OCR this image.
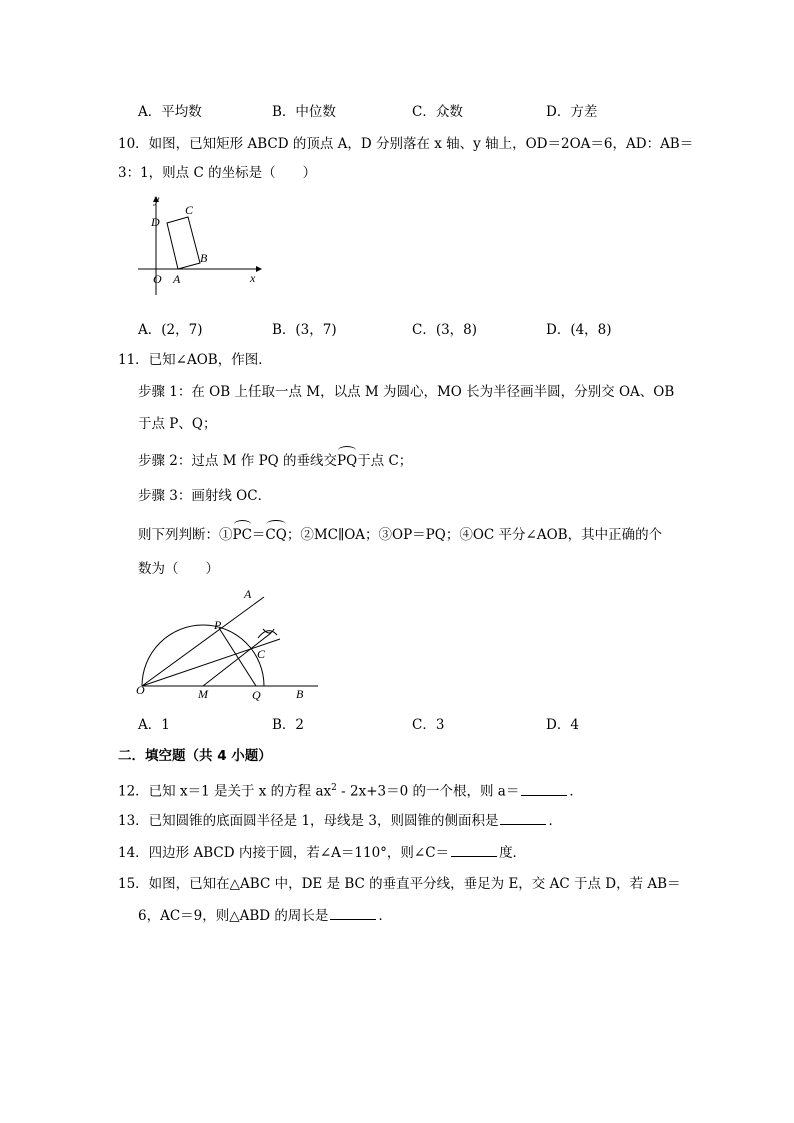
A．平均数	B．中位数	C．众数	D．方差
10．如图，已知矩形 ABCD 的顶点 A，D 分别落在 x 轴、y 轴上，OD＝2OA＝6，AD：AB＝
3：1，则点 C 的坐标是（　　）
y
x
O A
B
C
D
A．(2，7)	B．(3，7)	C．(3，8)	D．(4，8)
11．已知∠AOB，作图．
步骤 1：在 OB 上任取一点 M，以点 M 为圆心，MO 长为半径画半圆，分别交 OA、OB
于点 P、Q；
步骤 2：过点 M 作 PQ 的垂线交PQ于点 C；
步骤 3：画射线 OC．
则下列判断：①PC＝CQ；②MC∥OA；③OP＝PQ；④OC 平分∠AOB，其中正确的个
数为（　　）
A
P
C
O	M	Q	B
A．1	B．2	C．3	D．4
二．填空题（共 4 小题）
12．已知 x＝1 是关于 x 的方程 $ax^2 - 2x+3=0$ 的一个根，则 a＝	．
13．已知圆锥的底面圆半径是 1，母线是 3，则圆锥的侧面积是	．
14．四边形 ABCD 内接于圆，若∠A＝110°，则∠C＝	度．
15．如图，已知在△ABC 中，DE 是 BC 的垂直平分线，垂足为 E，交 AC 于点 D，若 AB＝
6，AC＝9，则△ABD 的周长是	．
